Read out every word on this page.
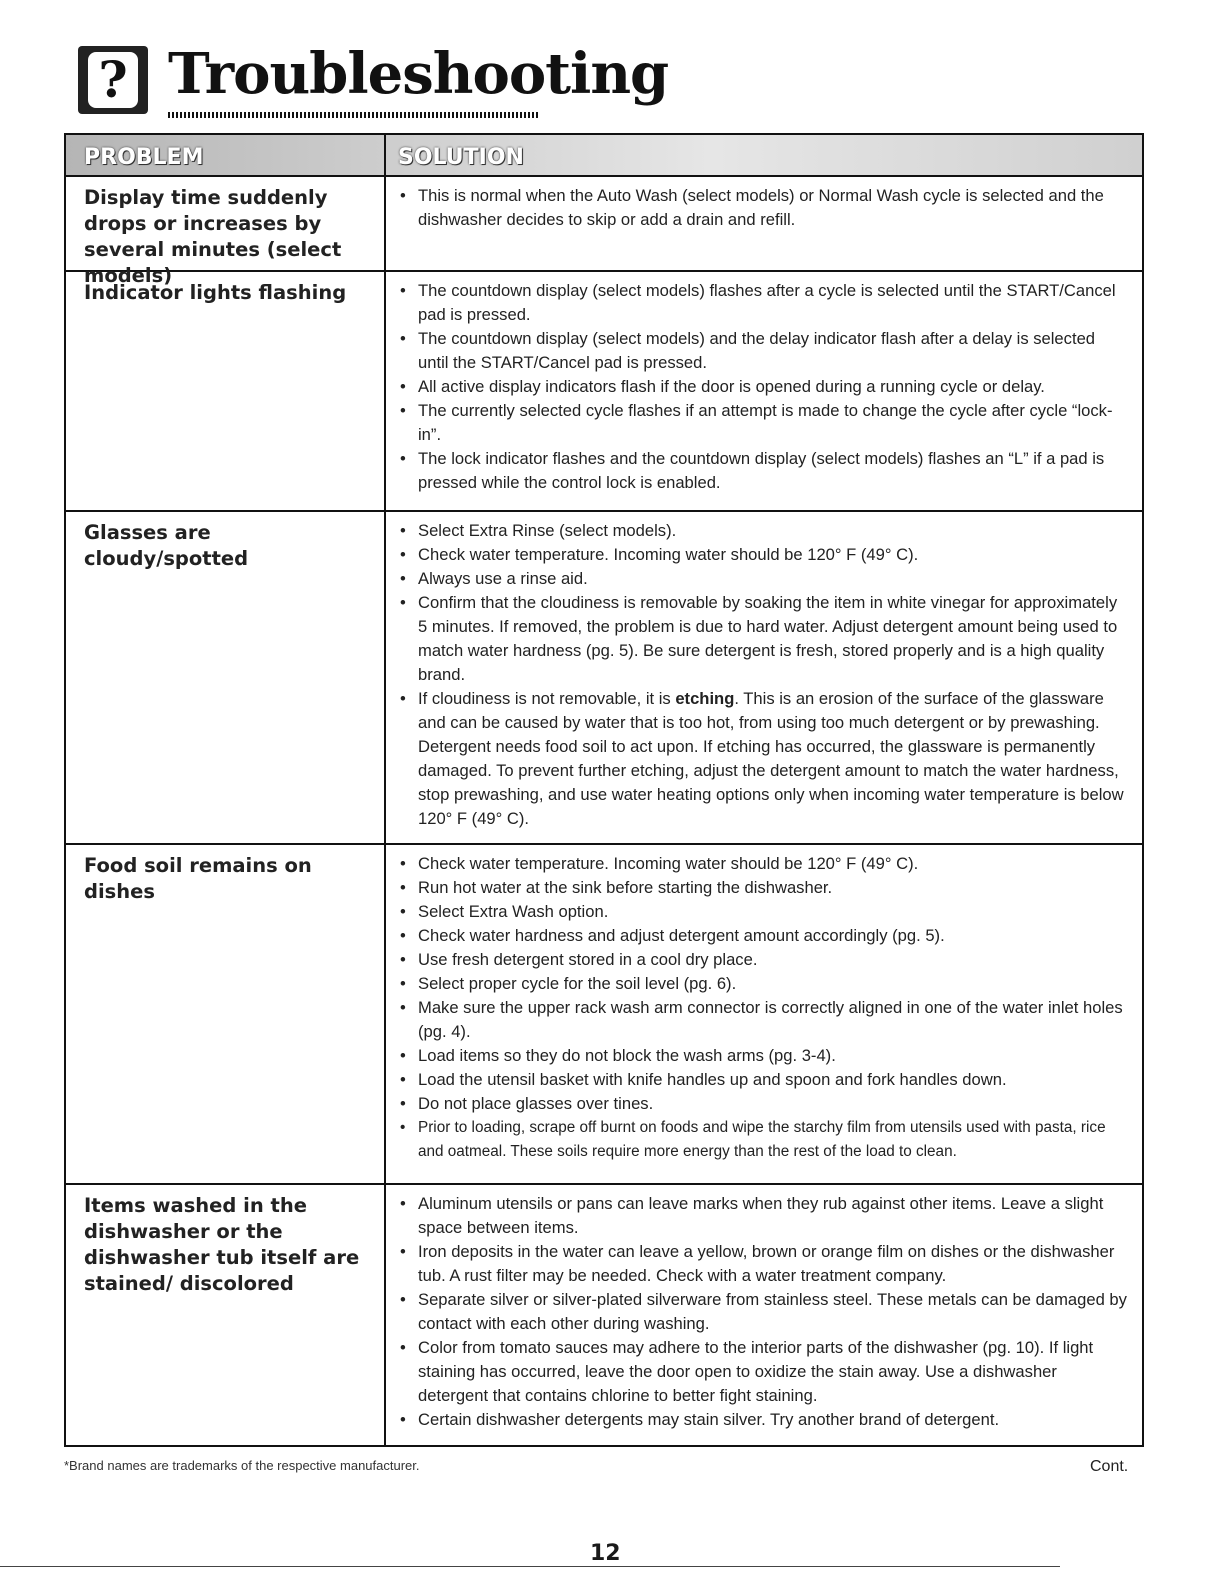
? Troubleshooting
PROBLEM	SOLUTION
Display time suddenly drops or increases by several minutes (select models)
• This is normal when the Auto Wash (select models) or Normal Wash cycle is selected and the dishwasher decides to skip or add a drain and refill.
Indicator lights flashing
•	The countdown display (select models) flashes after a cycle is selected until the START/Cancel pad is pressed.
• The countdown display (select models) and the delay indicator flash after a delay is selected until the START/Cancel pad is pressed.
• All active display indicators flash if the door is opened during a running cycle or delay.
• The currently selected cycle flashes if an attempt is made to change the cycle after cycle “lock-in”.
• The lock indicator flashes and the countdown display (select models) flashes an “L” if a pad is pressed while the control lock is enabled.
Glasses are cloudy/spotted
• Select Extra Rinse (select models).
• Check water temperature. Incoming water should be 120° F (49° C).
• Always use a rinse aid.
• Confirm that the cloudiness is removable by soaking the item in white vinegar for approximately 5 minutes. If removed, the problem is due to hard water. Adjust detergent amount being used to match water hardness (pg. 5). Be sure detergent is fresh, stored properly and is a high quality brand.
• If cloudiness is not removable, it is etching. This is an erosion of the surface of the glassware and can be caused by water that is too hot, from using too much detergent or by prewashing. Detergent needs food soil to act upon. If etching has occurred, the glassware is permanently damaged. To prevent further etching, adjust the detergent amount to match the water hardness, stop prewashing, and use water heating options only when incoming water temperature is below 120° F (49° C).
Food soil remains on dishes
• Check water temperature. Incoming water should be 120° F (49° C).
• Run hot water at the sink before starting the dishwasher.
• Select Extra Wash option.
• Check water hardness and adjust detergent amount accordingly (pg. 5).
• Use fresh detergent stored in a cool dry place.
• Select proper cycle for the soil level (pg. 6).
• Make sure the upper rack wash arm connector is correctly aligned in one of the water inlet holes (pg. 4).
• Load items so they do not block the wash arms (pg. 3-4).
• Load the utensil basket with knife handles up and spoon and fork handles down.
• Do not place glasses over tines.
• Prior to loading, scrape off burnt on foods and wipe the starchy film from utensils used with pasta, rice and oatmeal. These soils require more energy than the rest of the load to clean.
Items washed in the dishwasher or the dishwasher tub itself are stained/ discolored
• Aluminum utensils or pans can leave marks when they rub against other items. Leave a slight space between items.
• Iron deposits in the water can leave a yellow, brown or orange film on dishes or the dishwasher tub. A rust filter may be needed. Check with a water treatment company.
• Separate silver or silver-plated silverware from stainless steel. These metals can be damaged by contact with each other during washing.
• Color from tomato sauces may adhere to the interior parts of the dishwasher (pg. 10). If light staining has occurred, leave the door open to oxidize the stain away. Use a dishwasher detergent that contains chlorine to better fight staining.
• Certain dishwasher detergents may stain silver. Try another brand of detergent.
*Brand names are trademarks of the respective manufacturer.	Cont.
12
